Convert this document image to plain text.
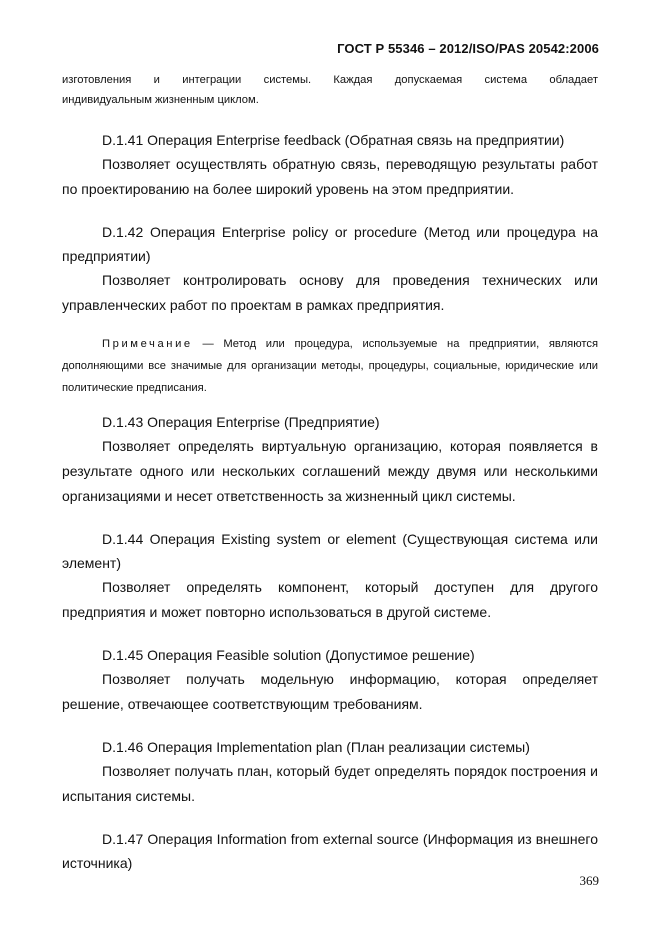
ГОСТ Р 55346 – 2012/ISO/PAS 20542:2006

изготовления и интеграции системы. Каждая допускаемая система обладает

индивидуальным жизненным циклом.

D.1.41 Операция Enterprise feedback (Обратная связь на предприятии)

Позволяет осуществлять обратную связь, переводящую результаты работ по проектированию на более широкий уровень на этом предприятии.

D.1.42 Операция Enterprise policy or procedure (Метод или процедура на предприятии)

Позволяет контролировать основу для проведения технических или управленческих работ по проектам в рамках предприятия.

Примечание — Метод или процедура, используемые на предприятии, являются дополняющими все значимые для организации методы, процедуры, социальные, юридические или политические предписания.

D.1.43 Операция Enterprise (Предприятие)

Позволяет определять виртуальную организацию, которая появляется в результате одного или нескольких соглашений между двумя или несколькими организациями и несет ответственность за жизненный цикл системы.

D.1.44 Операция Existing system or element (Существующая система или элемент)

Позволяет определять компонент, который доступен для другого предприятия и может повторно использоваться в другой системе.

D.1.45 Операция Feasible solution (Допустимое решение)

Позволяет получать модельную информацию, которая определяет решение, отвечающее соответствующим требованиям.

D.1.46 Операция Implementation plan (План реализации системы)

Позволяет получать план, который будет определять порядок построения и испытания системы.

D.1.47 Операция Information from external source (Информация из внешнего источника)

369
